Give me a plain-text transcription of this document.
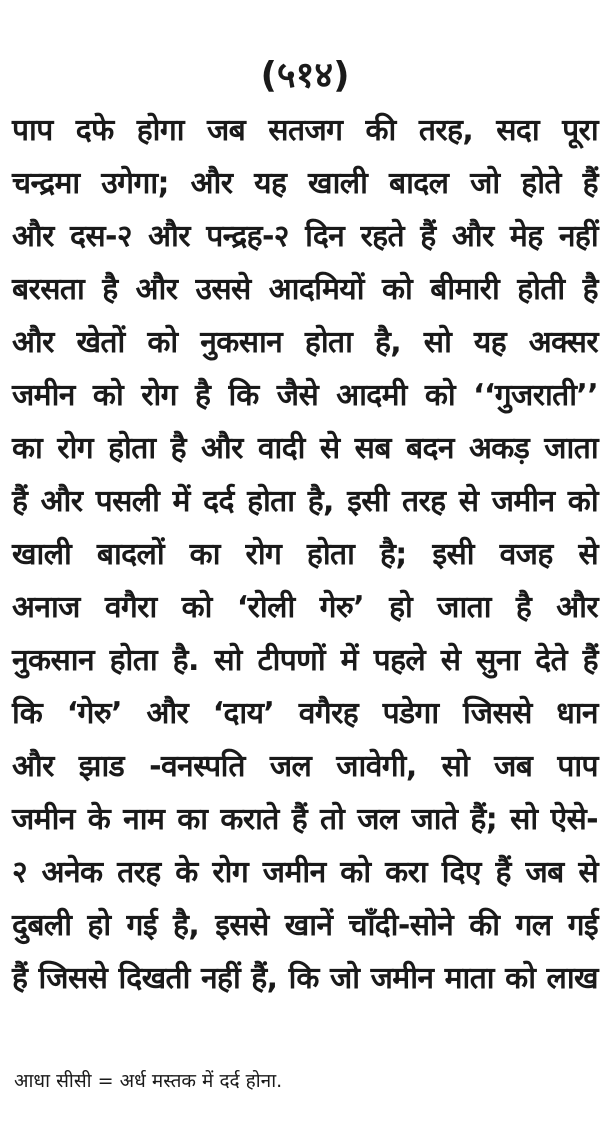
(५१४)
पाप दफे होगा जब सतजग की तरह, सदा पूरा
चन्द्रमा उगेगा; और यह खाली बादल जो होते हैं
और दस-२ और पन्द्रह-२ दिन रहते हैं और मेह नहीं
बरसता है और उससे आदमियों को बीमारी होती है
और खेतों को नुकसान होता है, सो यह अक्सर
जमीन को रोग है कि जैसे आदमी को ‘‘गुजराती’’
का रोग होता है और वादी से सब बदन अकड़ जाता
हैं और पसली में दर्द होता है, इसी तरह से जमीन को
खाली बादलों का रोग होता है; इसी वजह से
अनाज वगैरा को ‘रोली गेरु’ हो जाता है और
नुकसान होता है. सो टीपणों में पहले से सुना देते हैं
कि ‘गेरु’ और ‘दाय’ वगैरह पडेगा जिससे धान
और झाड -वनस्पति जल जावेगी, सो जब पाप
जमीन के नाम का कराते हैं तो जल जाते हैं; सो ऐसे-
२ अनेक तरह के रोग जमीन को करा दिए हैं जब से
दुबली हो गई है, इससे खानें चाँदी-सोने की गल गई
हैं जिससे दिखती नहीं हैं, कि जो जमीन माता को लाख
आधा सीसी = अर्ध मस्तक में दर्द होना.
